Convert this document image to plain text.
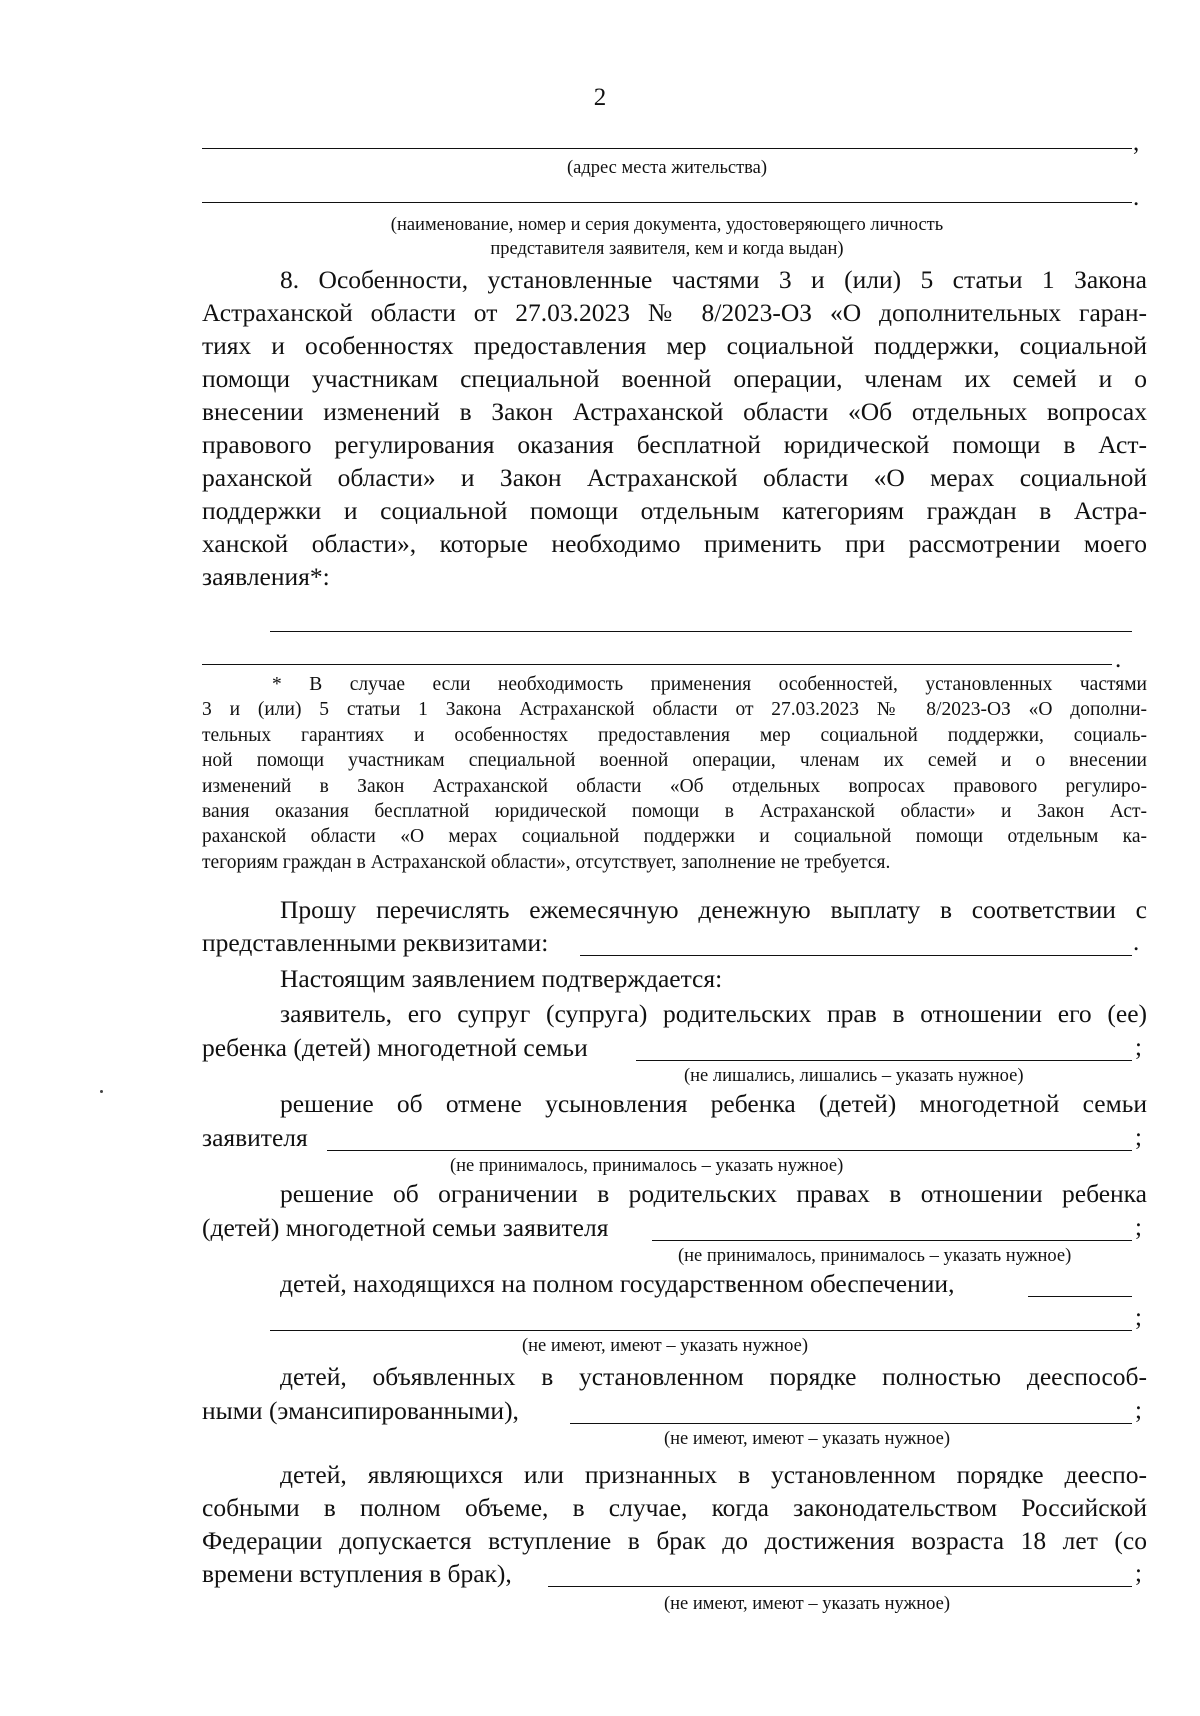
2
,
(адрес места жительства)
.
(наименование, номер и серия документа, удостоверяющего личность
представителя заявителя, кем и когда выдан)
8. Особенности, установленные частями 3 и (или) 5 статьи 1 Закона
Астраханской области от 27.03.2023 № 8/2023-ОЗ «О дополнительных гаран-
тиях и особенностях предоставления мер социальной поддержки, социальной
помощи участникам специальной военной операции, членам их семей и о
внесении изменений в Закон Астраханской области «Об отдельных вопросах
правового регулирования оказания бесплатной юридической помощи в Аст-
раханской области» и Закон Астраханской области «О мерах социальной
поддержки и социальной помощи отдельным категориям граждан в Астра-
ханской области», которые необходимо применить при рассмотрении моего
заявления*:
.
* В случае если необходимость применения особенностей, установленных частями
3 и (или) 5 статьи 1 Закона Астраханской области от 27.03.2023 № 8/2023-ОЗ «О дополни-
тельных гарантиях и особенностях предоставления мер социальной поддержки, социаль-
ной помощи участникам специальной военной операции, членам их семей и о внесении
изменений в Закон Астраханской области «Об отдельных вопросах правового регулиро-
вания оказания бесплатной юридической помощи в Астраханской области» и Закон Аст-
раханской области «О мерах социальной поддержки и социальной помощи отдельным ка-
тегориям граждан в Астраханской области», отсутствует, заполнение не требуется.
Прошу перечислять ежемесячную денежную выплату в соответствии с
представленными реквизитами:	.
Настоящим заявлением подтверждается:
заявитель, его супруг (супруга) родительских прав в отношении его (ее)
ребенка (детей) многодетной семьи	;
(не лишались, лишались – указать нужное)
решение об отмене усыновления ребенка (детей) многодетной семьи
заявителя	;
(не принималось, принималось – указать нужное)
решение об ограничении в родительских правах в отношении ребенка
(детей) многодетной семьи заявителя	;
(не принималось, принималось – указать нужное)
детей, находящихся на полном государственном обеспечении,
;
(не имеют, имеют – указать нужное)
детей, объявленных в установленном порядке полностью дееспособ-
ными (эмансипированными),	;
(не имеют, имеют – указать нужное)
детей, являющихся или признанных в установленном порядке дееспо-
собными в полном объеме, в случае, когда законодательством Российской
Федерации допускается вступление в брак до достижения возраста 18 лет (со
времени вступления в брак),	;
(не имеют, имеют – указать нужное)
